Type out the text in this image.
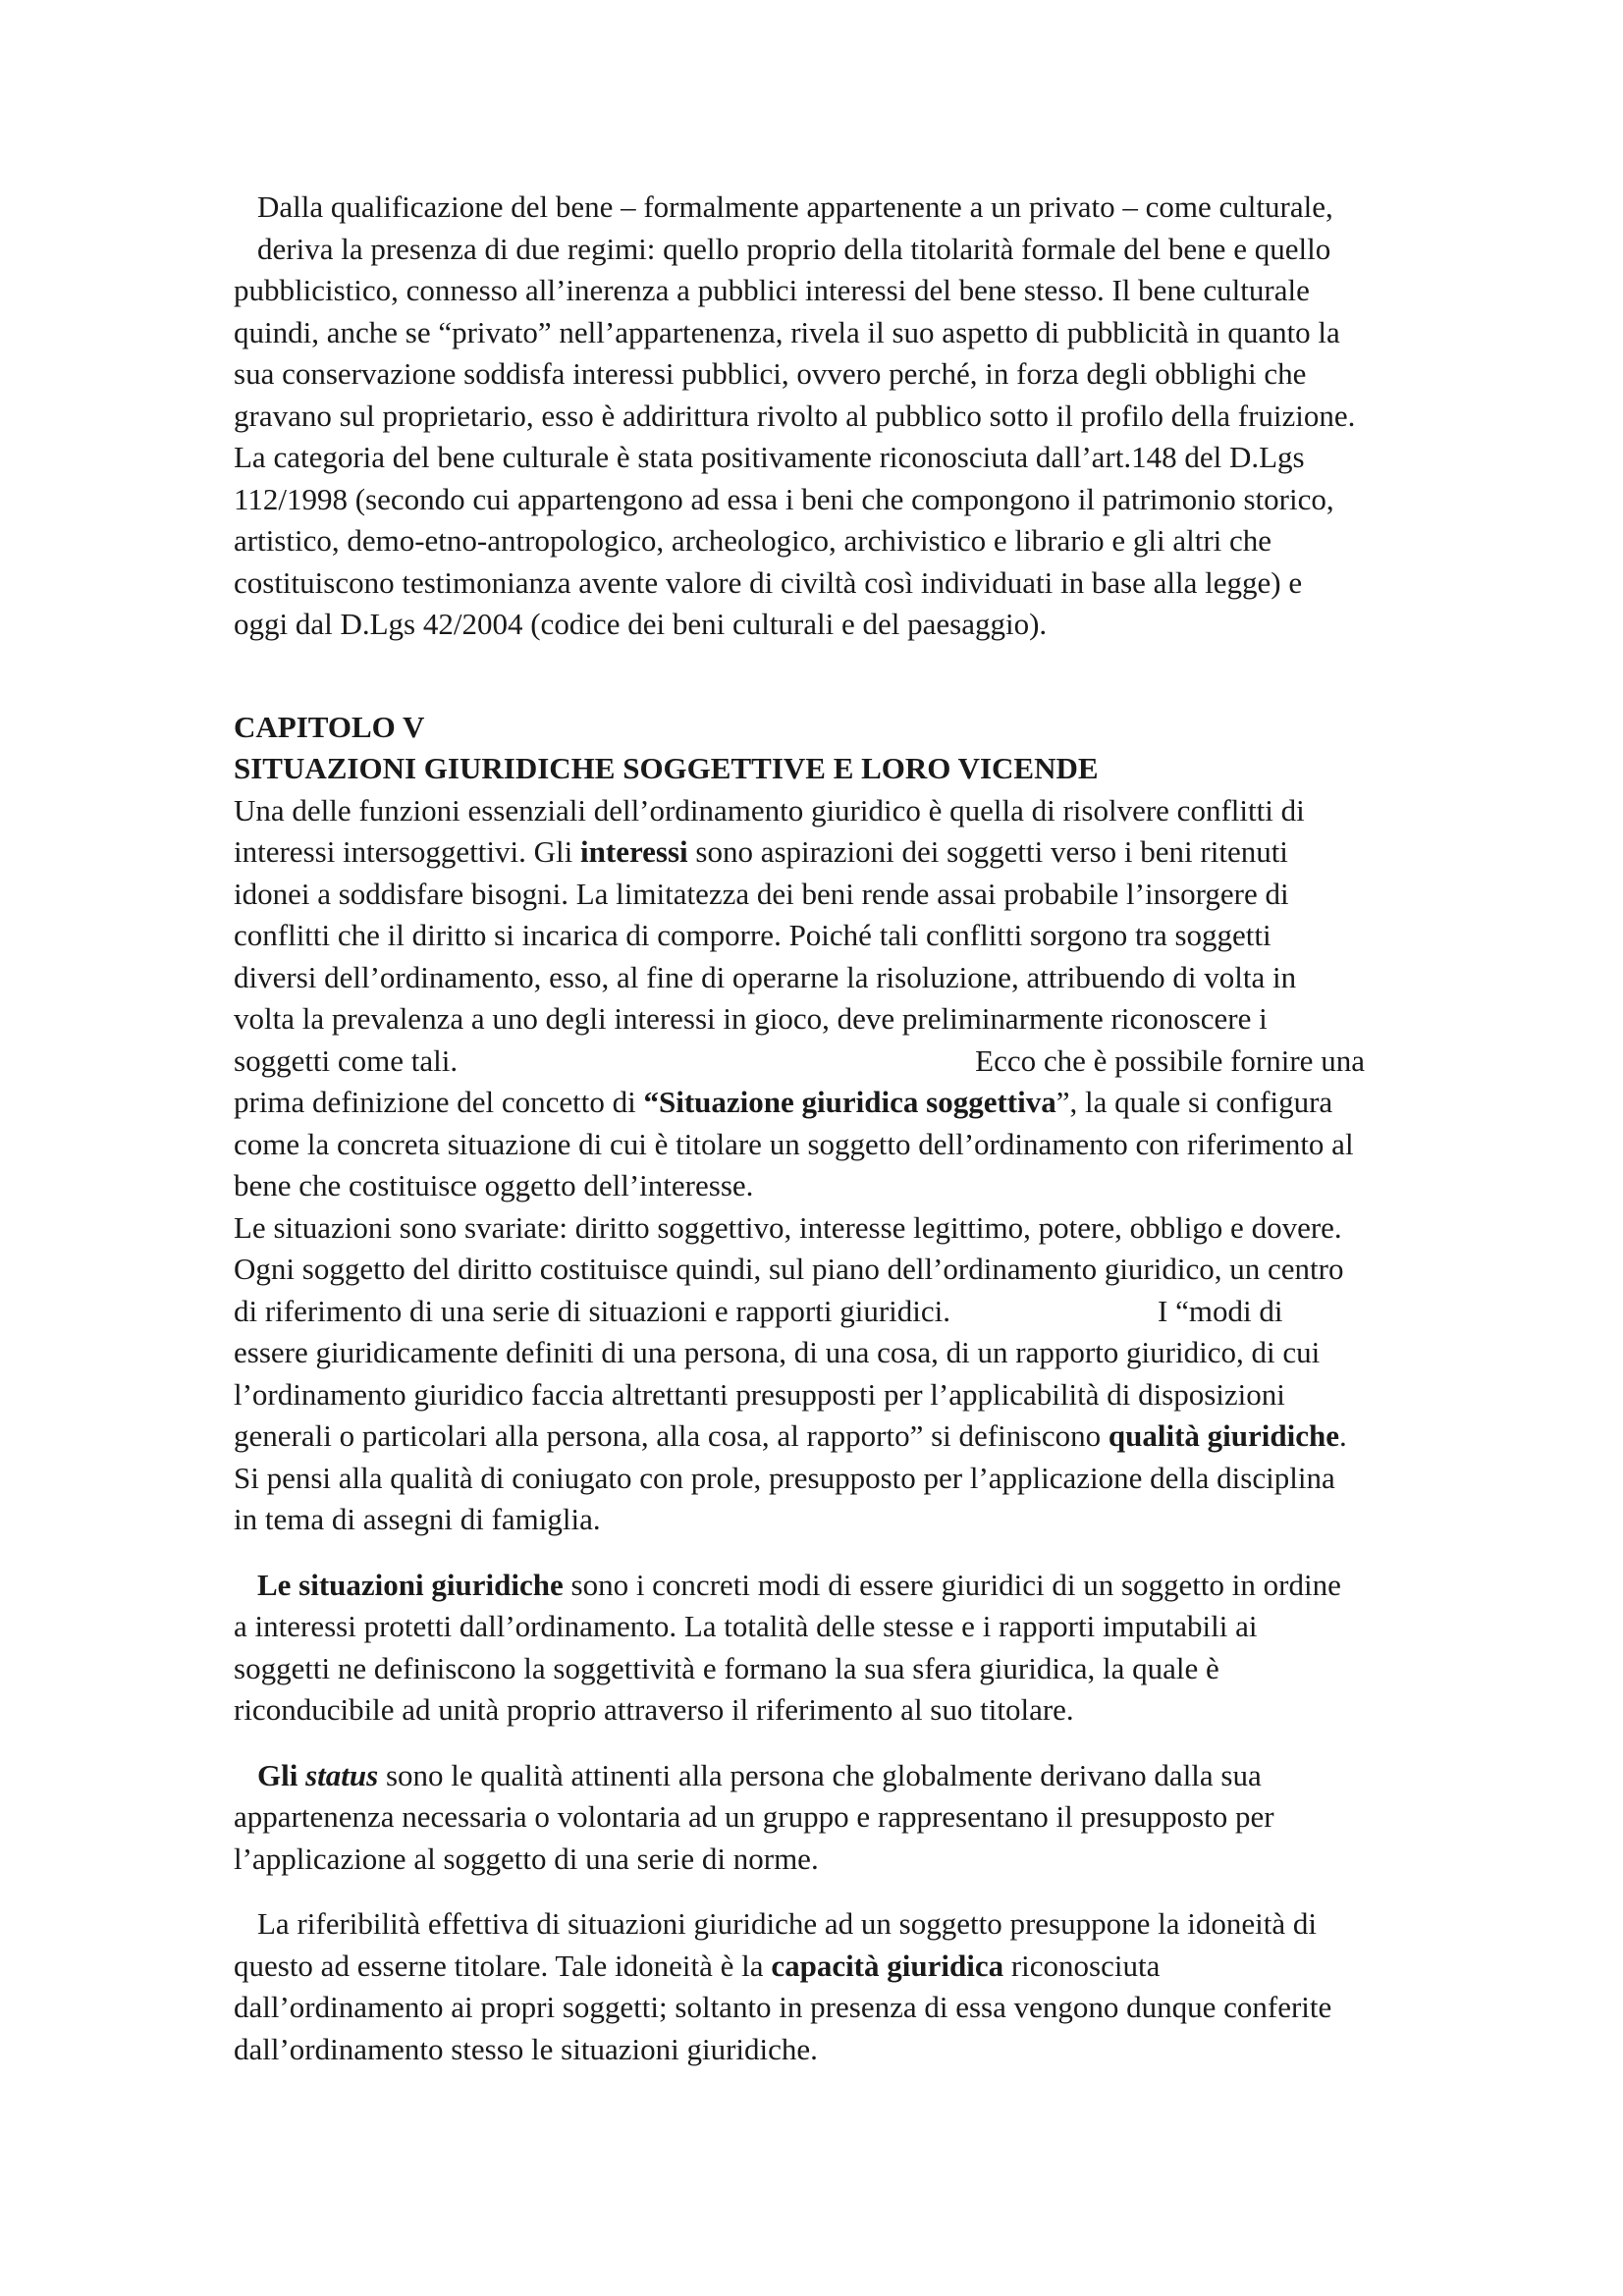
Dalla qualificazione del bene – formalmente appartenente a un privato – come culturale,

deriva la presenza di due regimi: quello proprio della titolarità formale del bene e quello

pubblicistico, connesso all’inerenza a pubblici interessi del bene stesso. Il bene culturale

quindi, anche se “privato” nell’appartenenza, rivela il suo aspetto di pubblicità in quanto la

sua conservazione soddisfa interessi pubblici, ovvero perché, in forza degli obblighi che

gravano sul proprietario, esso è addirittura rivolto al pubblico sotto il profilo della fruizione.

La categoria del bene culturale è stata positivamente riconosciuta dall’art.148 del D.Lgs

112/1998 (secondo cui appartengono ad essa i beni che compongono il patrimonio storico,

artistico, demo-etno-antropologico, archeologico, archivistico e librario e gli altri che

costituiscono testimonianza avente valore di civiltà così individuati in base alla legge) e

oggi dal D.Lgs 42/2004 (codice dei beni culturali e del paesaggio).

CAPITOLO V

SITUAZIONI GIURIDICHE SOGGETTIVE E LORO VICENDE

Una delle funzioni essenziali dell’ordinamento giuridico è quella di risolvere conflitti di

interessi intersoggettivi. Gli interessi sono aspirazioni dei soggetti verso i beni ritenuti

idonei a soddisfare bisogni. La limitatezza dei beni rende assai probabile l’insorgere di

conflitti che il diritto si incarica di comporre. Poiché tali conflitti sorgono tra soggetti

diversi dell’ordinamento, esso, al fine di operarne la risoluzione, attribuendo di volta in

volta la prevalenza a uno degli interessi in gioco, deve preliminarmente riconoscere i

soggetti come tali.	Ecco che è possibile fornire una

prima definizione del concetto di “Situazione giuridica soggettiva”, la quale si configura

come la concreta situazione di cui è titolare un soggetto dell’ordinamento con riferimento al

bene che costituisce oggetto dell’interesse.

Le situazioni sono svariate: diritto soggettivo, interesse legittimo, potere, obbligo e dovere.

Ogni soggetto del diritto costituisce quindi, sul piano dell’ordinamento giuridico, un centro

di riferimento di una serie di situazioni e rapporti giuridici.	I “modi di

essere giuridicamente definiti di una persona, di una cosa, di un rapporto giuridico, di cui

l’ordinamento giuridico faccia altrettanti presupposti per l’applicabilità di disposizioni

generali o particolari alla persona, alla cosa, al rapporto” si definiscono qualità giuridiche.

Si pensi alla qualità di coniugato con prole, presupposto per l’applicazione della disciplina

in tema di assegni di famiglia.

Le situazioni giuridiche sono i concreti modi di essere giuridici di un soggetto in ordine

a interessi protetti dall’ordinamento. La totalità delle stesse e i rapporti imputabili ai

soggetti ne definiscono la soggettività e formano la sua sfera giuridica, la quale è

riconducibile ad unità proprio attraverso il riferimento al suo titolare.

Gli status sono le qualità attinenti alla persona che globalmente derivano dalla sua

appartenenza necessaria o volontaria ad un gruppo e rappresentano il presupposto per

l’applicazione al soggetto di una serie di norme.

La riferibilità effettiva di situazioni giuridiche ad un soggetto presuppone la idoneità di

questo ad esserne titolare. Tale idoneità è la capacità giuridica riconosciuta

dall’ordinamento ai propri soggetti; soltanto in presenza di essa vengono dunque conferite

dall’ordinamento stesso le situazioni giuridiche.
